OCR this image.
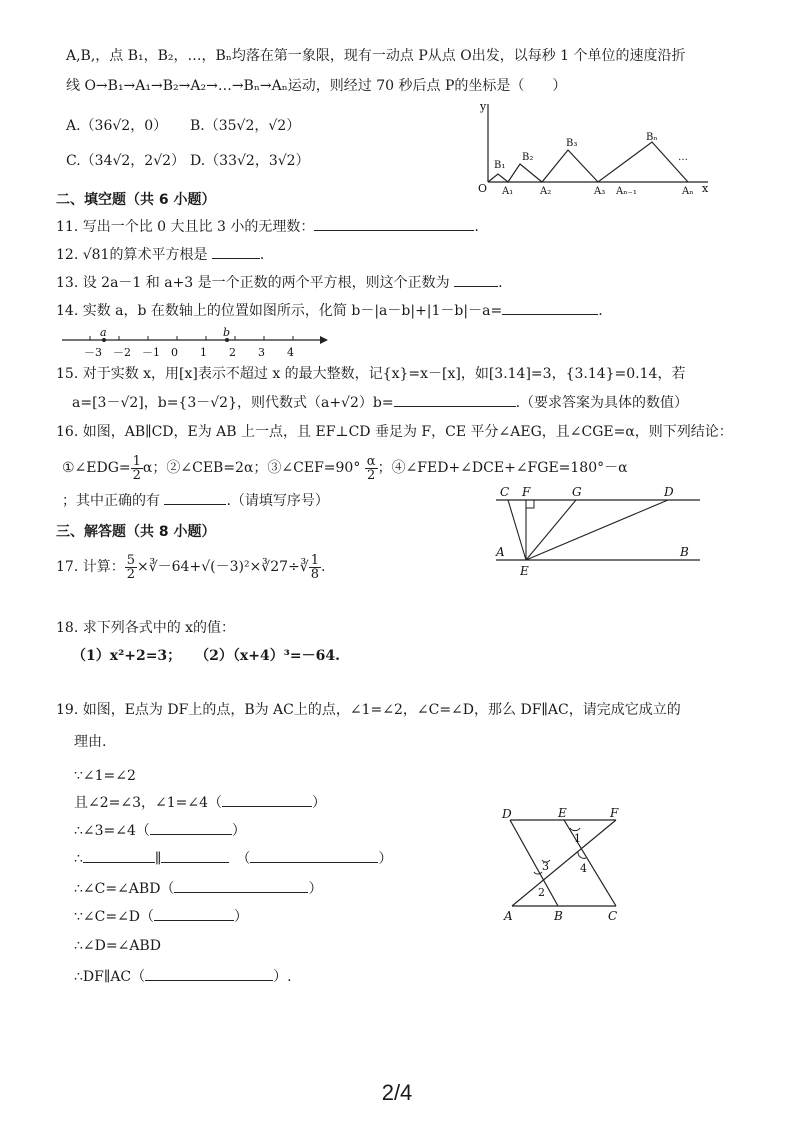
A,B,，点 B₁，B₂，…，Bₙ均落在第一象限，现有一动点 P从点 O出发，以每秒 1 个单位的速度沿折
线 O→B₁→A₁→B₂→A₂→…→Bₙ→Aₙ运动，则经过 70 秒后点 P的坐标是（　　）
A.（36√2，0） B.（35√2，√2）
C.（34√2，2√2） D.（33√2，3√2）
y
x
O
B₁
B₂
B₃
Bₙ
…
A₁	A₂	A₃ Aₙ₋₁	Aₙ
二、填空题（共 6 小题）
11. 写出一个比 0 大且比 3 小的无理数：	.
12. √81的算术平方根是	.
13. 设 2a－1 和 a+3 是一个正数的两个平方根，则这个正数为	.
14. 实数 a，b 在数轴上的位置如图所示，化简 b－|a－b|+|1－b|－a=	.
－3 －2 －1 0 1 2 3 4
a	b
15. 对于实数 x，用[x]表示不超过 x 的最大整数，记{x}=x－[x]，如[3.14]=3，{3.14}=0.14，若
a=[3－√2]，b={3－√2}，则代数式（a+√2）b=	.（要求答案为具体的数值）
16. 如图，AB∥CD，E为 AB 上一点，且 EF⊥CD 垂足为 F，CE 平分∠AEG，且∠CGE=α，则下列结论：
①∠EDG= $\frac{1}{2}$ α；②∠CEB=2α；③∠CEF=90° $\frac{\alpha}{2}$ ；④∠FED+∠DCE+∠FGE=180°－α
；其中正确的有	.（请填写序号）
C F	G	D
A
E
B
三、解答题（共 8 小题）
17. 计算： $\frac{5}{2}$ ×∛－64+√(－3)²×∛27÷∛ $\frac{1}{8}$ .
18. 求下列各式中的 x的值：
（1）x²+2=3；　　（2）（x+4）³=－64.
19. 如图，E点为 DF上的点，B为 AC上的点，∠1=∠2，∠C=∠D，那么 DF∥AC，请完成它成立的
理由.
∵∠1=∠2
且∠2=∠3，∠1=∠4（	）
∴∠3=∠4（	）
∴	∥　	（	）
∴∠C=∠ABD（	）
∵∠C=∠D（	）
∴∠D=∠ABD
∴DF∥AC（	）.
D	E	F
A	B	C
1
2
3	4
2/4
